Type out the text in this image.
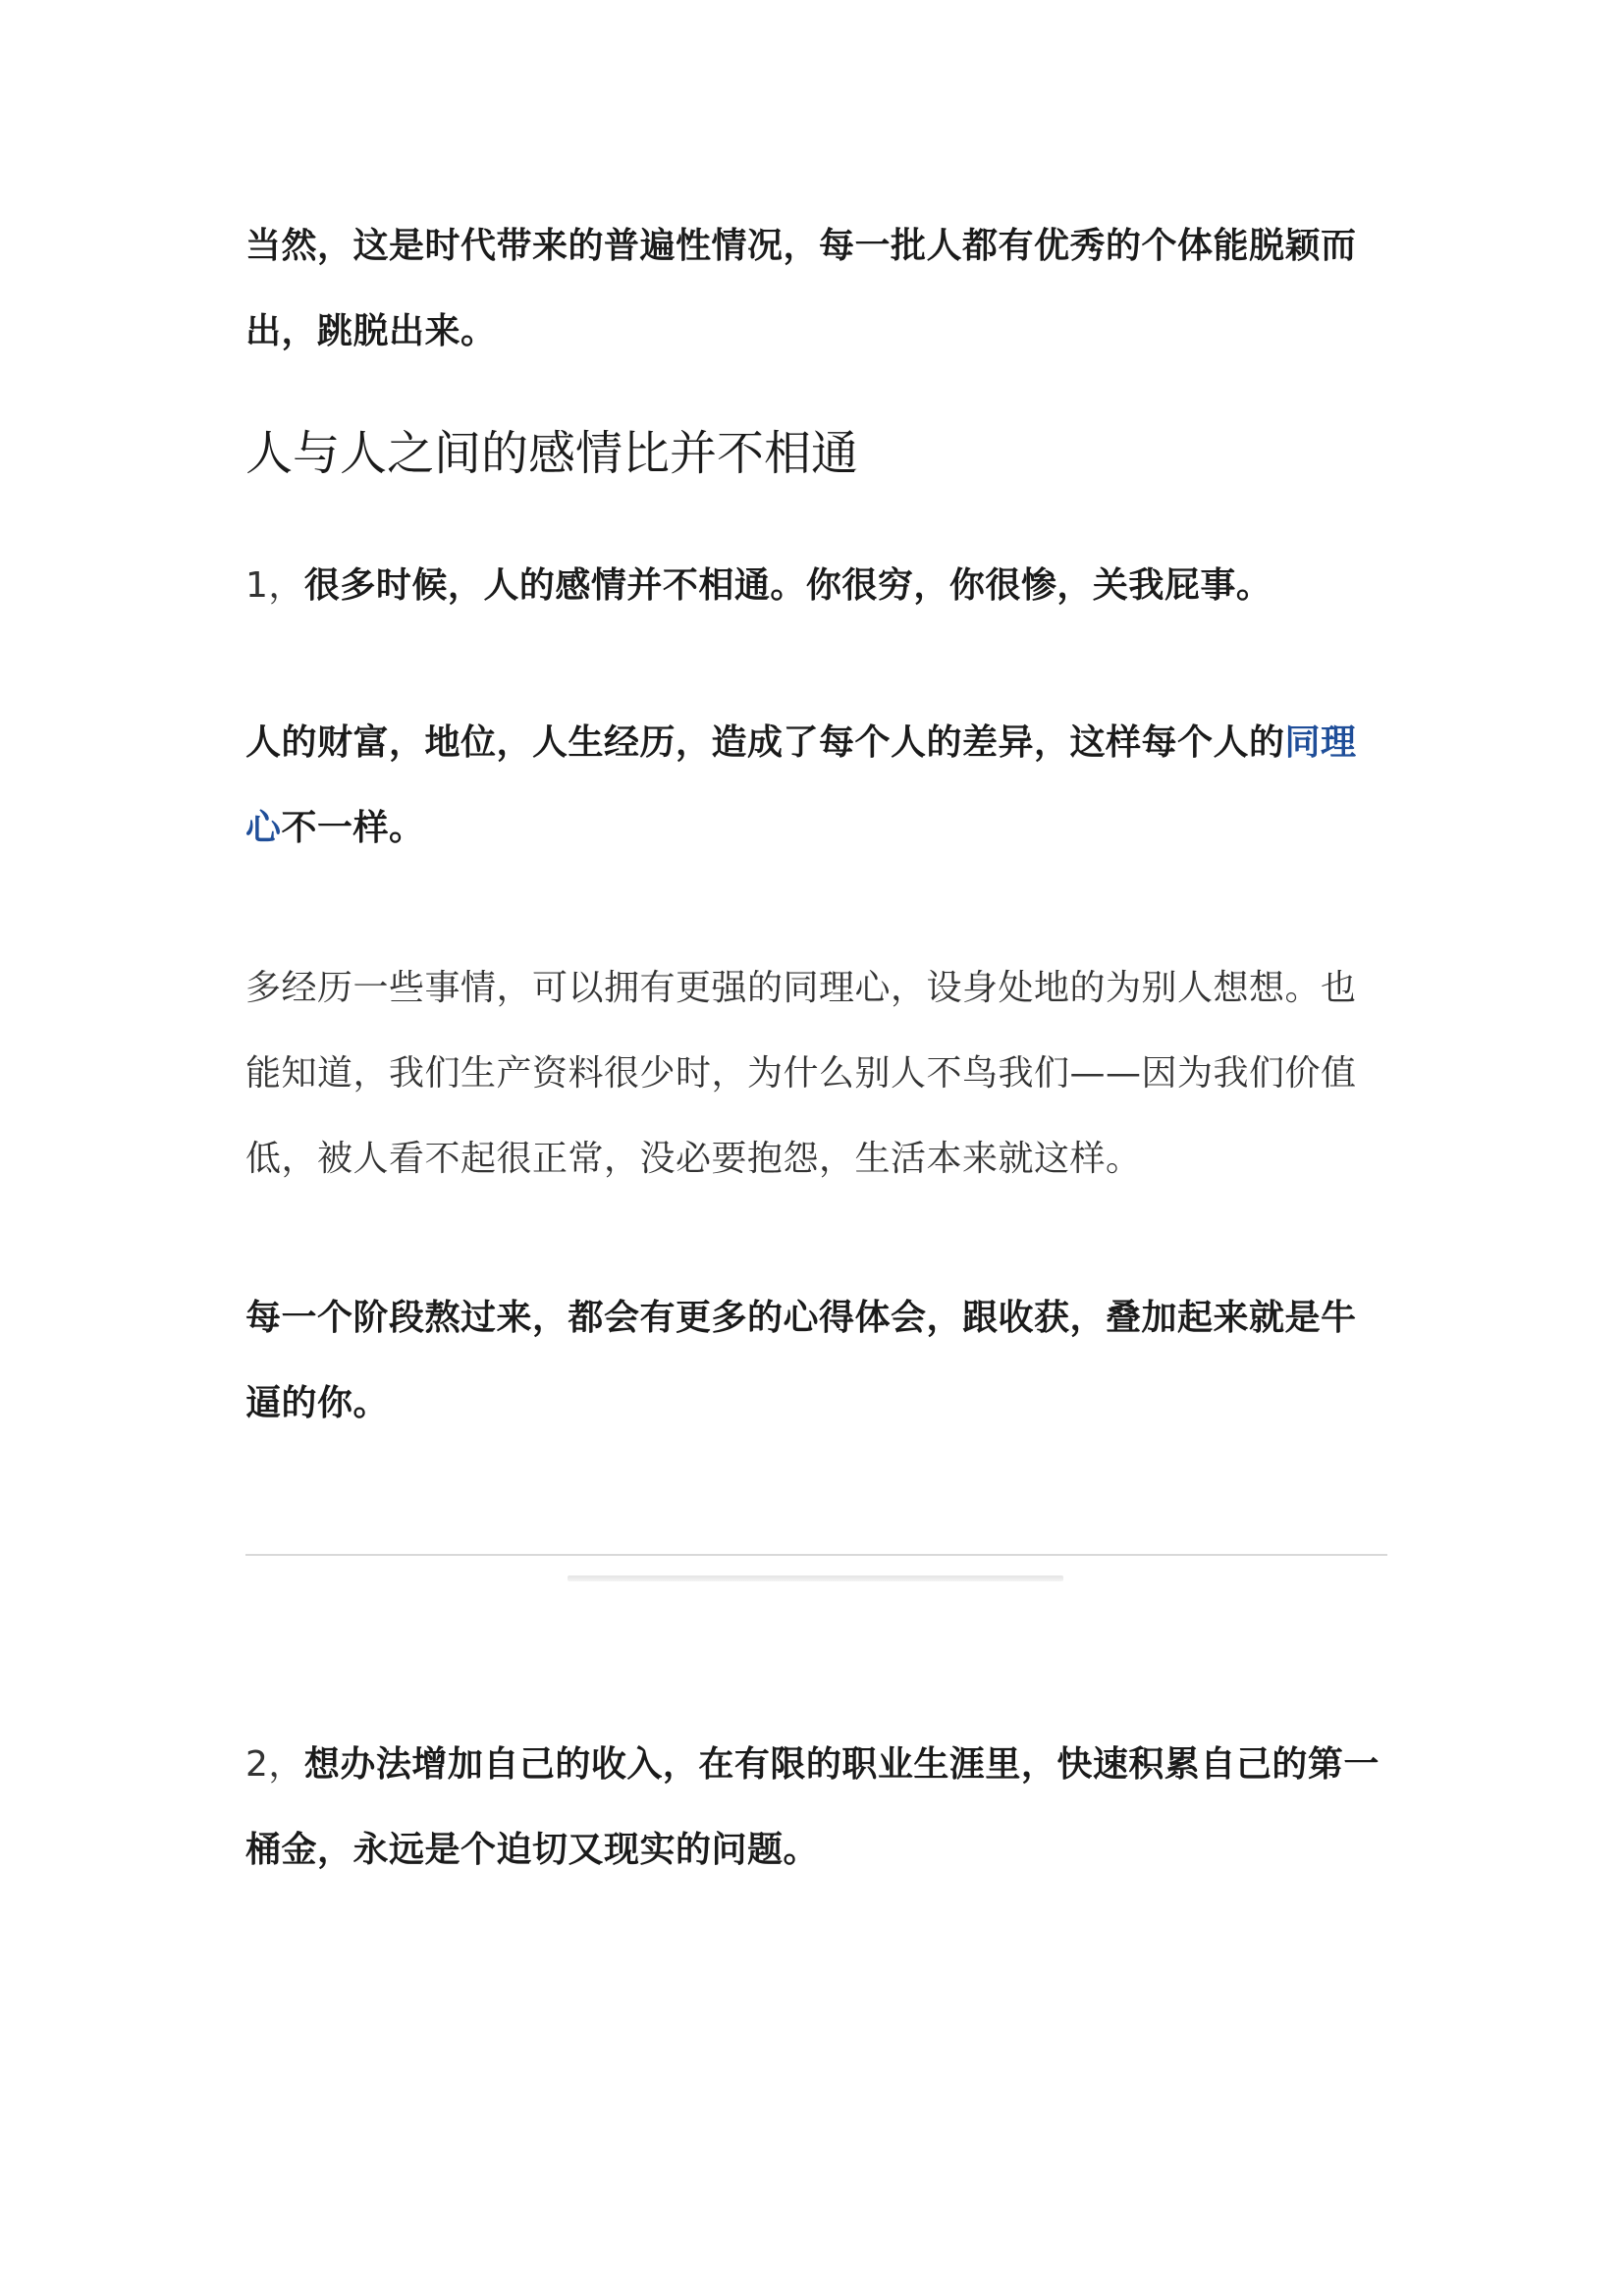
当然，这是时代带来的普遍性情况，每一批人都有优秀的个体能脱颖而出，跳脱出来。

人与人之间的感情比并不相通

1，很多时候，人的感情并不相通。你很穷，你很惨，关我屁事。

人的财富，地位，人生经历，造成了每个人的差异，这样每个人的同理心不一样。

多经历一些事情，可以拥有更强的同理心，设身处地的为别人想想。也能知道，我们生产资料很少时，为什么别人不鸟我们——因为我们价值低，被人看不起很正常，没必要抱怨，生活本来就这样。

每一个阶段熬过来，都会有更多的心得体会，跟收获，叠加起来就是牛逼的你。

2，想办法增加自己的收入，在有限的职业生涯里，快速积累自己的第一桶金，永远是个迫切又现实的问题。
